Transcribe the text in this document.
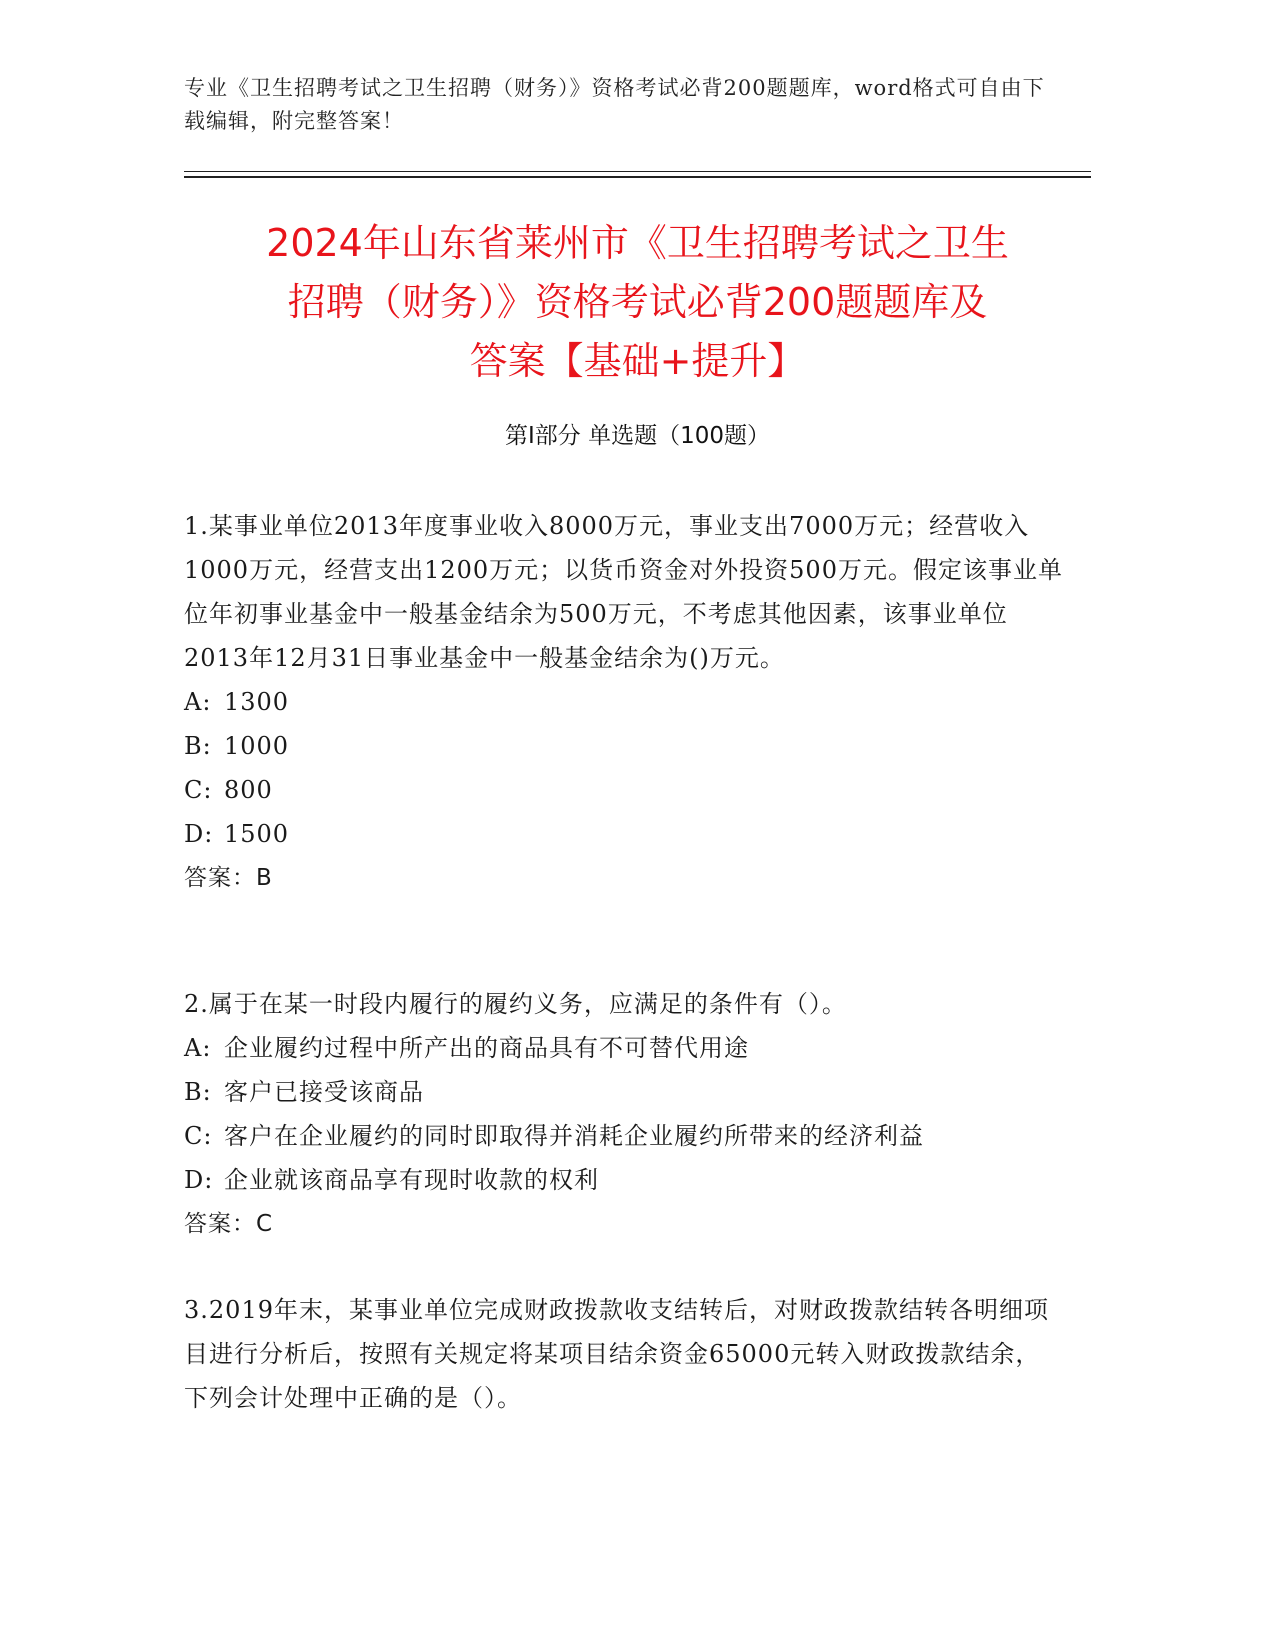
专业《卫生招聘考试之卫生招聘（财务）》资格考试必背200题题库，word格式可自由下载编辑，附完整答案！
2024年山东省莱州市《卫生招聘考试之卫生
招聘（财务）》资格考试必背200题题库及
答案【基础+提升】
第Ⅰ部分 单选题（100题）

1.某事业单位2013年度事业收入8000万元，事业支出7000万元；经营收入1000万元，经营支出1200万元；以货币资金对外投资500万元。假定该事业单位年初事业基金中一般基金结余为500万元，不考虑其他因素，该事业单位2013年12月31日事业基金中一般基金结余为()万元。

A: 1300

B: 1000

C: 800

D: 1500

答案：B

2.属于在某一时段内履行的履约义务，应满足的条件有（）。

A: 企业履约过程中所产出的商品具有不可替代用途

B: 客户已接受该商品

C: 客户在企业履约的同时即取得并消耗企业履约所带来的经济利益

D: 企业就该商品享有现时收款的权利

答案：C

3.2019年末，某事业单位完成财政拨款收支结转后，对财政拨款结转各明细项目进行分析后，按照有关规定将某项目结余资金65000元转入财政拨款结余，下列会计处理中正确的是（）。
